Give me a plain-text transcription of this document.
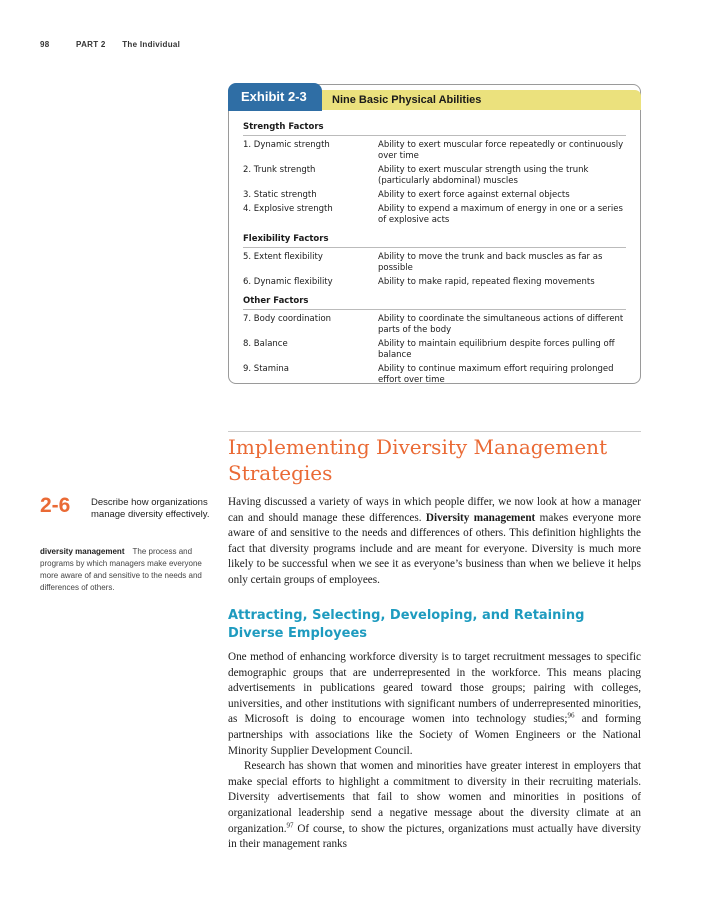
98	PART 2 The Individual
Exhibit 2-3	Nine Basic Physical Abilities
Strength Factors
1. Dynamic strength	Ability to exert muscular force repeatedly or continuously over time
2. Trunk strength	Ability to exert muscular strength using the trunk (particularly abdominal) muscles
3. Static strength	Ability to exert force against external objects
4. Explosive strength	Ability to expend a maximum of energy in one or a series of explosive acts
Flexibility Factors
5. Extent flexibility	Ability to move the trunk and back muscles as far as possible
6. Dynamic flexibility	Ability to make rapid, repeated flexing movements
Other Factors
7. Body coordination	Ability to coordinate the simultaneous actions of different parts of the body
8. Balance	Ability to maintain equilibrium despite forces pulling off balance
9. Stamina	Ability to continue maximum effort requiring prolonged effort over time
Implementing Diversity Management Strategies
2-6 Describe how organizations manage diversity effectively.
diversity management The process and programs by which managers make everyone more aware of and sensitive to the needs and differences of others.

Having discussed a variety of ways in which people differ, we now look at how a manager can and should manage these differences. Diversity management makes everyone more aware of and sensitive to the needs and differences of others. This definition highlights the fact that diversity programs include and are meant for everyone. Diversity is much more likely to be successful when we see it as everyone’s business than when we believe it helps only certain groups of employees.

Attracting, Selecting, Developing, and Retaining Diverse Employees

One method of enhancing workforce diversity is to target recruitment messages to specific demographic groups that are underrepresented in the workforce. This means placing advertisements in publications geared toward those groups; pairing with colleges, universities, and other institutions with significant numbers of underrepresented minorities, as Microsoft is doing to encourage women into technology studies;$^{96}$ and forming partnerships with associations like the Society of Women Engineers or the National Minority Supplier Development Council.

Research has shown that women and minorities have greater interest in employers that make special efforts to highlight a commitment to diversity in their recruiting materials. Diversity advertisements that fail to show women and minorities in positions of organizational leadership send a negative message about the diversity climate at an organization.$^{97}$ Of course, to show the pictures, organizations must actually have diversity in their management ranks
